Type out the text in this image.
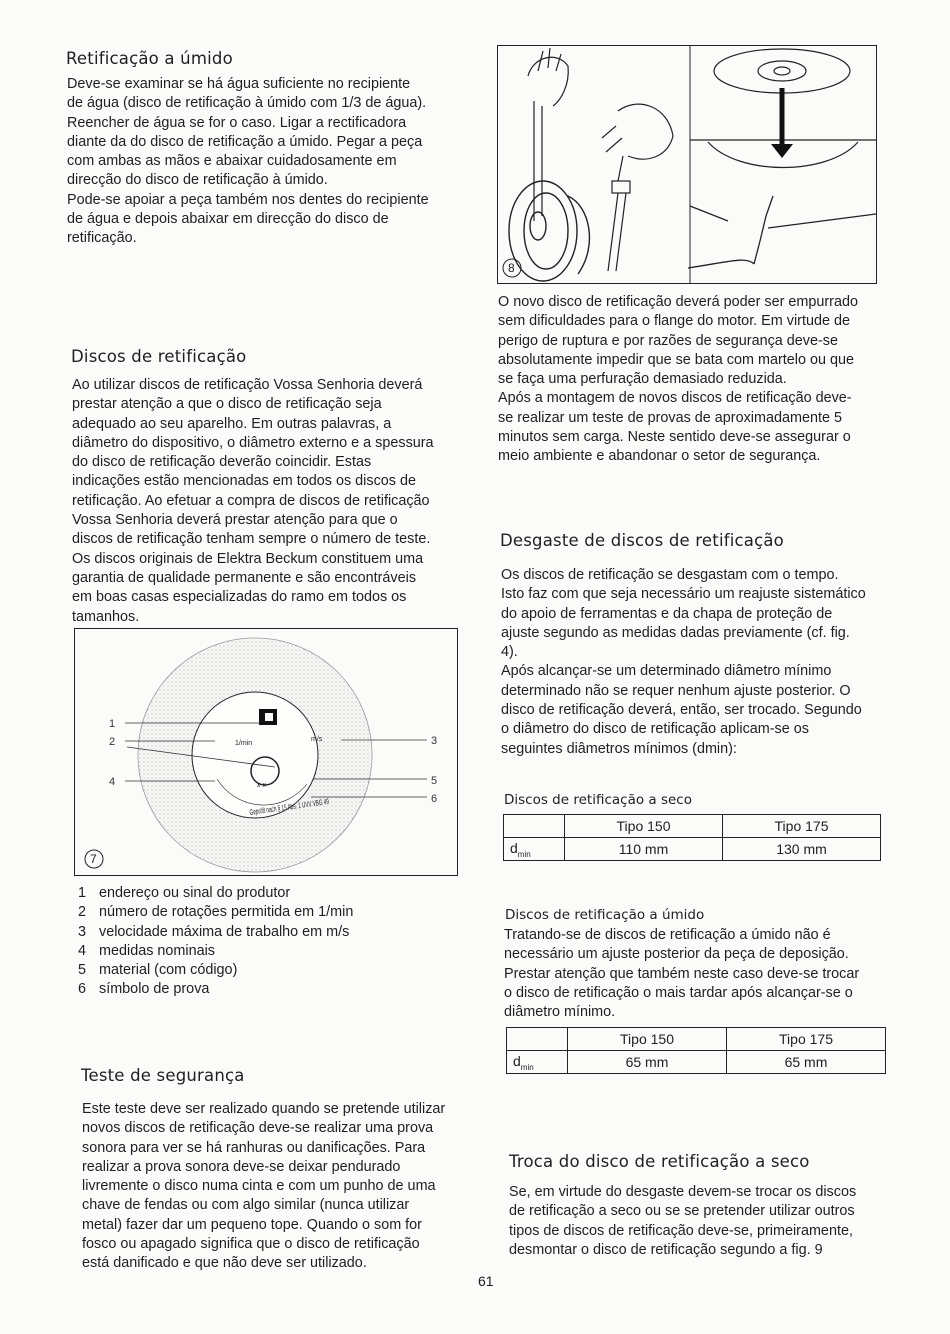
Retificação a úmido

Deve-se examinar se há água suficiente no recipiente
de água (disco de retificação à úmido com 1/3 de água).
Reencher de água se for o caso. Ligar a rectificadora
diante da do disco de retificação a úmido. Pegar a peça
com ambas as mãos e abaixar cuidadosamente em
direcção do disco de retificação à úmido.
Pode-se apoiar a peça também nos dentes do recipiente
de água e depois abaixar em direcção do disco de
retificação.

Discos de retificação

Ao utilizar discos de retificação Vossa Senhoria deverá
prestar atenção a que o disco de retificação seja
adequado ao seu aparelho. Em outras palavras, a
diâmetro do dispositivo, o diâmetro externo e a spessura
do disco de retificação deverão coincidir. Estas
indicações estão mencionadas em todos os discos de
retificação. Ao efetuar a compra de discos de retificação
Vossa Senhoria deverá prestar atenção para que o
discos de retificação tenham sempre o número de teste.
Os discos originais de Elektra Beckum constituem uma
garantia de qualidade permanente e são encontráveis
em boas casas especializadas do ramo em todos os
tamanhos.

1/min
m/s
x x
Geprüft nach § 15 Abs. 1 UVV VBG 49
1
2	3
4	5
6
7
1 endereço ou sinal do produtor
2 número de rotações permitida em 1/min
3 velocidade máxima de trabalho em m/s
4 medidas nominais
5 material (com código)
6 símbolo de prova
Teste de segurança

Este teste deve ser realizado quando se pretende utilizar
novos discos de retificação deve-se realizar uma prova
sonora para ver se há ranhuras ou danificações. Para
realizar a prova sonora deve-se deixar pendurado
livremente o disco numa cinta e com um punho de uma
chave de fendas ou com algo similar (nunca utilizar
metal) fazer dar um pequeno tope. Quando o som for
fosco ou apagado significa que o disco de retificação
está danificado e que não deve ser utilizado.

8

O novo disco de retificação deverá poder ser empurrado
sem dificuldades para o flange do motor. Em virtude de
perigo de ruptura e por razões de segurança deve-se
absolutamente impedir que se bata com martelo ou que
se faça uma perfuração demasiado reduzida.
Após a montagem de novos discos de retificação deve-
se realizar um teste de provas de aproximadamente 5
minutos sem carga. Neste sentido deve-se assegurar o
meio ambiente e abandonar o setor de segurança.

Desgaste de discos de retificação

Os discos de retificação se desgastam com o tempo.
Isto faz com que seja necessário um reajuste sistemático
do apoio de ferramentas e da chapa de proteção de
ajuste segundo as medidas dadas previamente (cf. fig.
4).
Após alcançar-se um determinado diâmetro mínimo
determinado não se requer nenhum ajuste posterior. O
disco de retificação deverá, então, ser trocado. Segundo
o diâmetro do disco de retificação aplicam-se os
seguintes diâmetros mínimos (dmin):

Discos de retificação a seco
	Tipo 150	Tipo 175
$d_{min}$	110 mm	130 mm
Discos de retificação a úmido

Tratando-se de discos de retificação a úmido não é
necessário um ajuste posterior da peça de deposição.
Prestar atenção que também neste caso deve-se trocar
o disco de retificação o mais tardar após alcançar-se o
diâmetro mínimo.

	Tipo 150	Tipo 175
$d_{min}$	65 mm	65 mm
Troca do disco de retificação a seco

Se, em virtude do desgaste devem-se trocar os discos
de retificação a seco ou se se pretender utilizar outros
tipos de discos de retificação deve-se, primeiramente,
desmontar o disco de retificação segundo a fig. 9

61
